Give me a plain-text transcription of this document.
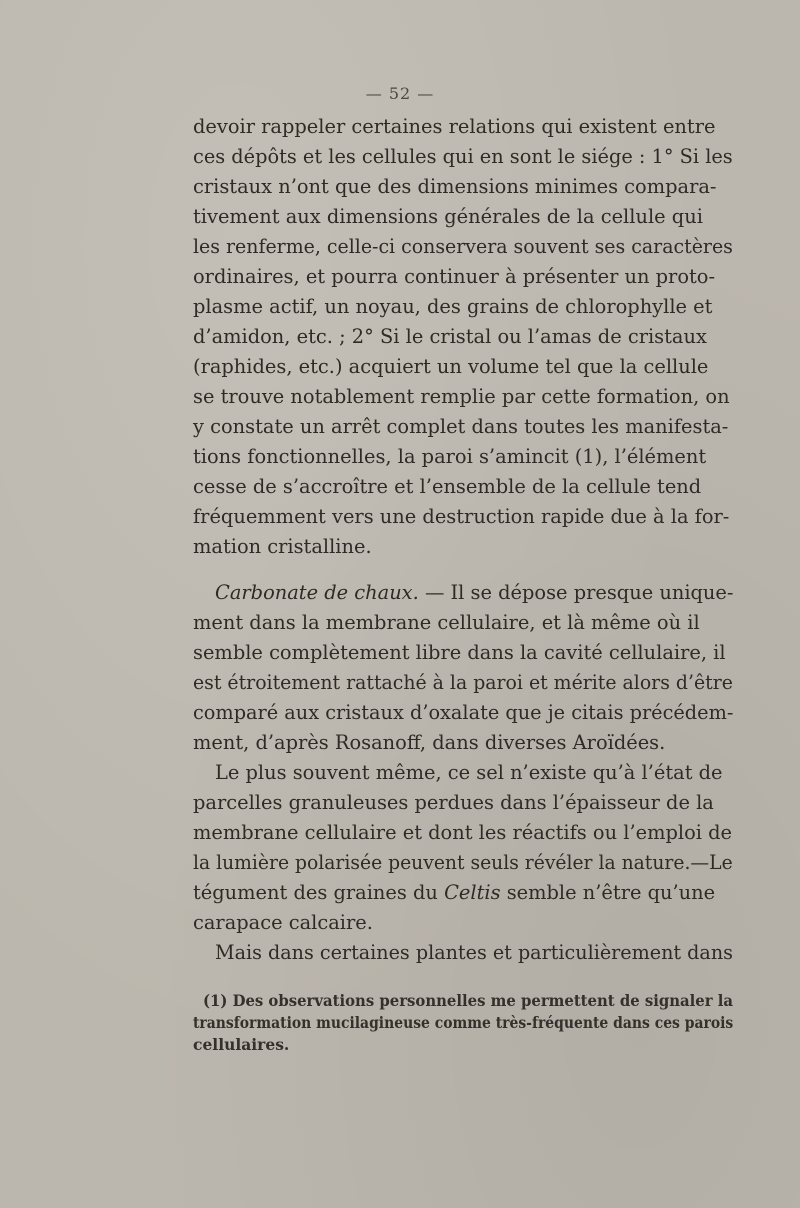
— 52 —
devoir rappeler certaines relations qui existent entre
ces dépôts et les cellules qui en sont le siége : 1° Si les
cristaux n’ont que des dimensions minimes compara-
tivement aux dimensions générales de la cellule qui
les renferme, celle-ci conservera souvent ses caractères
ordinaires, et pourra continuer à présenter un proto-
plasme actif, un noyau, des grains de chlorophylle et
d’amidon, etc. ; 2° Si le cristal ou l’amas de cristaux
(raphides, etc.) acquiert un volume tel que la cellule
se trouve notablement remplie par cette formation, on
y constate un arrêt complet dans toutes les manifesta-
tions fonctionnelles, la paroi s’amincit (1), l’élément
cesse de s’accroître et l’ensemble de la cellule tend
fréquemment vers une destruction rapide due à la for-
mation cristalline.
Carbonate de chaux. — Il se dépose presque unique-
ment dans la membrane cellulaire, et là même où il
semble complètement libre dans la cavité cellulaire, il
est étroitement rattaché à la paroi et mérite alors d’être
comparé aux cristaux d’oxalate que je citais précédem-
ment, d’après Rosanoff, dans diverses Aroïdées.
Le plus souvent même, ce sel n’existe qu’à l’état de
parcelles granuleuses perdues dans l’épaisseur de la
membrane cellulaire et dont les réactifs ou l’emploi de
la lumière polarisée peuvent seuls révéler la nature.—Le
tégument des graines du Celtis semble n’être qu’une
carapace calcaire.
Mais dans certaines plantes et particulièrement dans
(1) Des observations personnelles me permettent de signaler la
transformation mucilagineuse comme très-fréquente dans ces parois
cellulaires.
